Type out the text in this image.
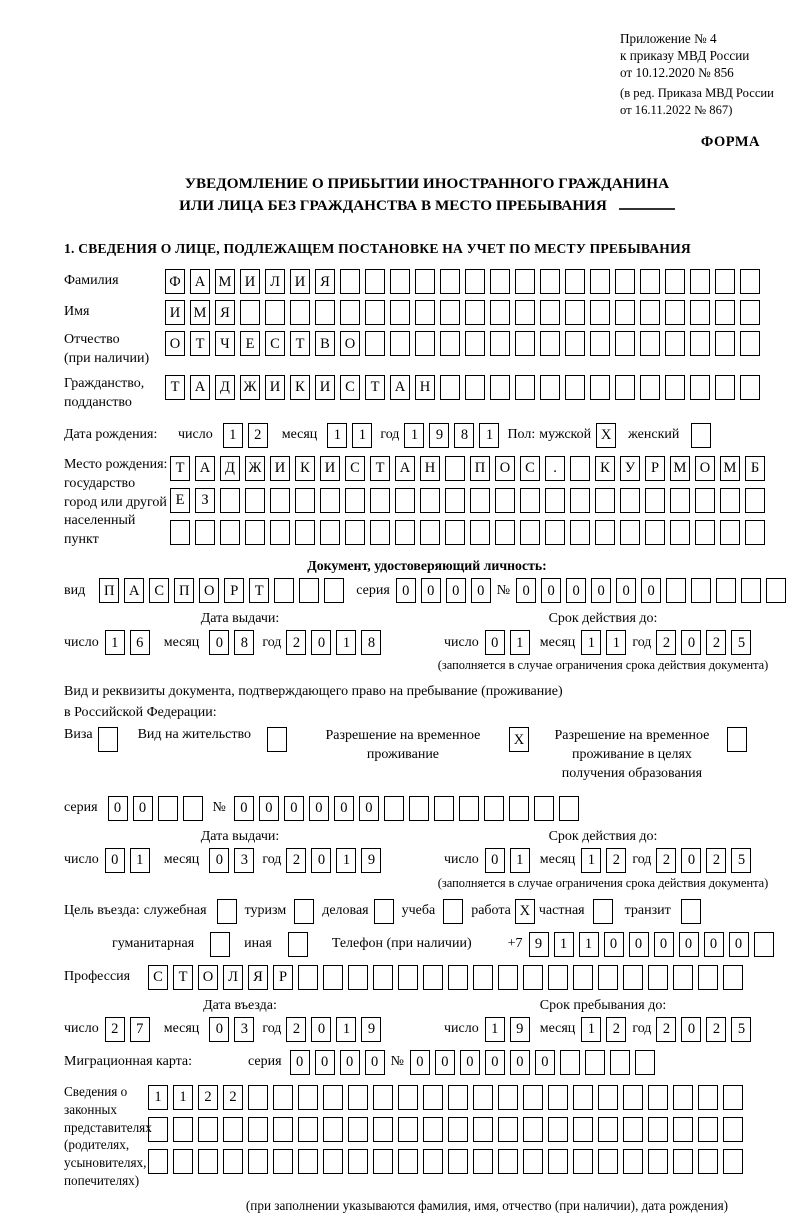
Приложение № 4
к приказу МВД России
от 10.12.2020 № 856
(в ред. Приказа МВД России
от 16.11.2022 № 867)
ФОРМА
УВЕДОМЛЕНИЕ О ПРИБЫТИИ ИНОСТРАННОГО ГРАЖДАНИНА
ИЛИ ЛИЦА БЕЗ ГРАЖДАНСТВА В МЕСТО ПРЕБЫВАНИЯ
1. СВЕДЕНИЯ О ЛИЦЕ, ПОДЛЕЖАЩЕМ ПОСТАНОВКЕ НА УЧЕТ ПО МЕСТУ ПРЕБЫВАНИЯ
Фамилия	Ф А М И	Л	И	Я
Имя	И М Я
Отчество
(при наличии)
О	Т	Ч	Е	С	Т	В	О
Гражданство,
подданство
Т	А	Д Ж И	К	И	С	Т	А	Н
Дата рождения:	число	1	2	месяц	1	1	год 1	9	8	1	Пол: мужской X	женский
Место рождения:
государство
город или другой
населенный пункт
Т	А	Д Ж И	К	И	С	Т	А	Н	П	О	С	.	К	У	Р	М О М Б
Е	З
Документ, удостоверяющий личность:
вид	П	А	С	П	О	Р	Т	серия 0	0	0	0 № 0	0	0	0	0	0
Дата выдачи:
число 1	6	месяц	0	8	год 2	0	1	8
Срок действия до:
число 0	1	месяц 1	1 год 2	0	2	5
(заполняется в случае ограничения срока действия документа)
Вид и реквизиты документа, подтверждающего право на пребывание (проживание)
в Российской Федерации:
Виза	Вид на жительство	Разрешение на временное проживание
X	Разрешение на временное проживание в целях получения образования
серия	0	0	№ 0	0	0	0	0	0
Дата выдачи:
число 0	1	месяц	0	3	год 2	0	1	9
Срок действия до:
число 0	1	месяц 1	2 год 2	0	2	5
(заполняется в случае ограничения срока действия документа)
Цель въезда: служебная	туризм	деловая учеба	работа X частная	транзит
гуманитарная	иная	Телефон (при наличии)	+7 9	1	1	0	0	0	0	0	0
Профессия	С	Т	О	Л	Я	Р
Дата въезда:
число 2	7	месяц	0	3	год 2	0	1	9
Срок пребывания до:
число 1	9	месяц 1	2 год 2	0	2	5
Миграционная карта:	серия 0	0	0	0 № 0	0	0	0	0	0
Сведения о
законных
представителях
(родителях,
усыновителях,
попечителях)
1	1	2	2
(при заполнении указываются фамилия, имя, отчество (при наличии), дата рождения)
